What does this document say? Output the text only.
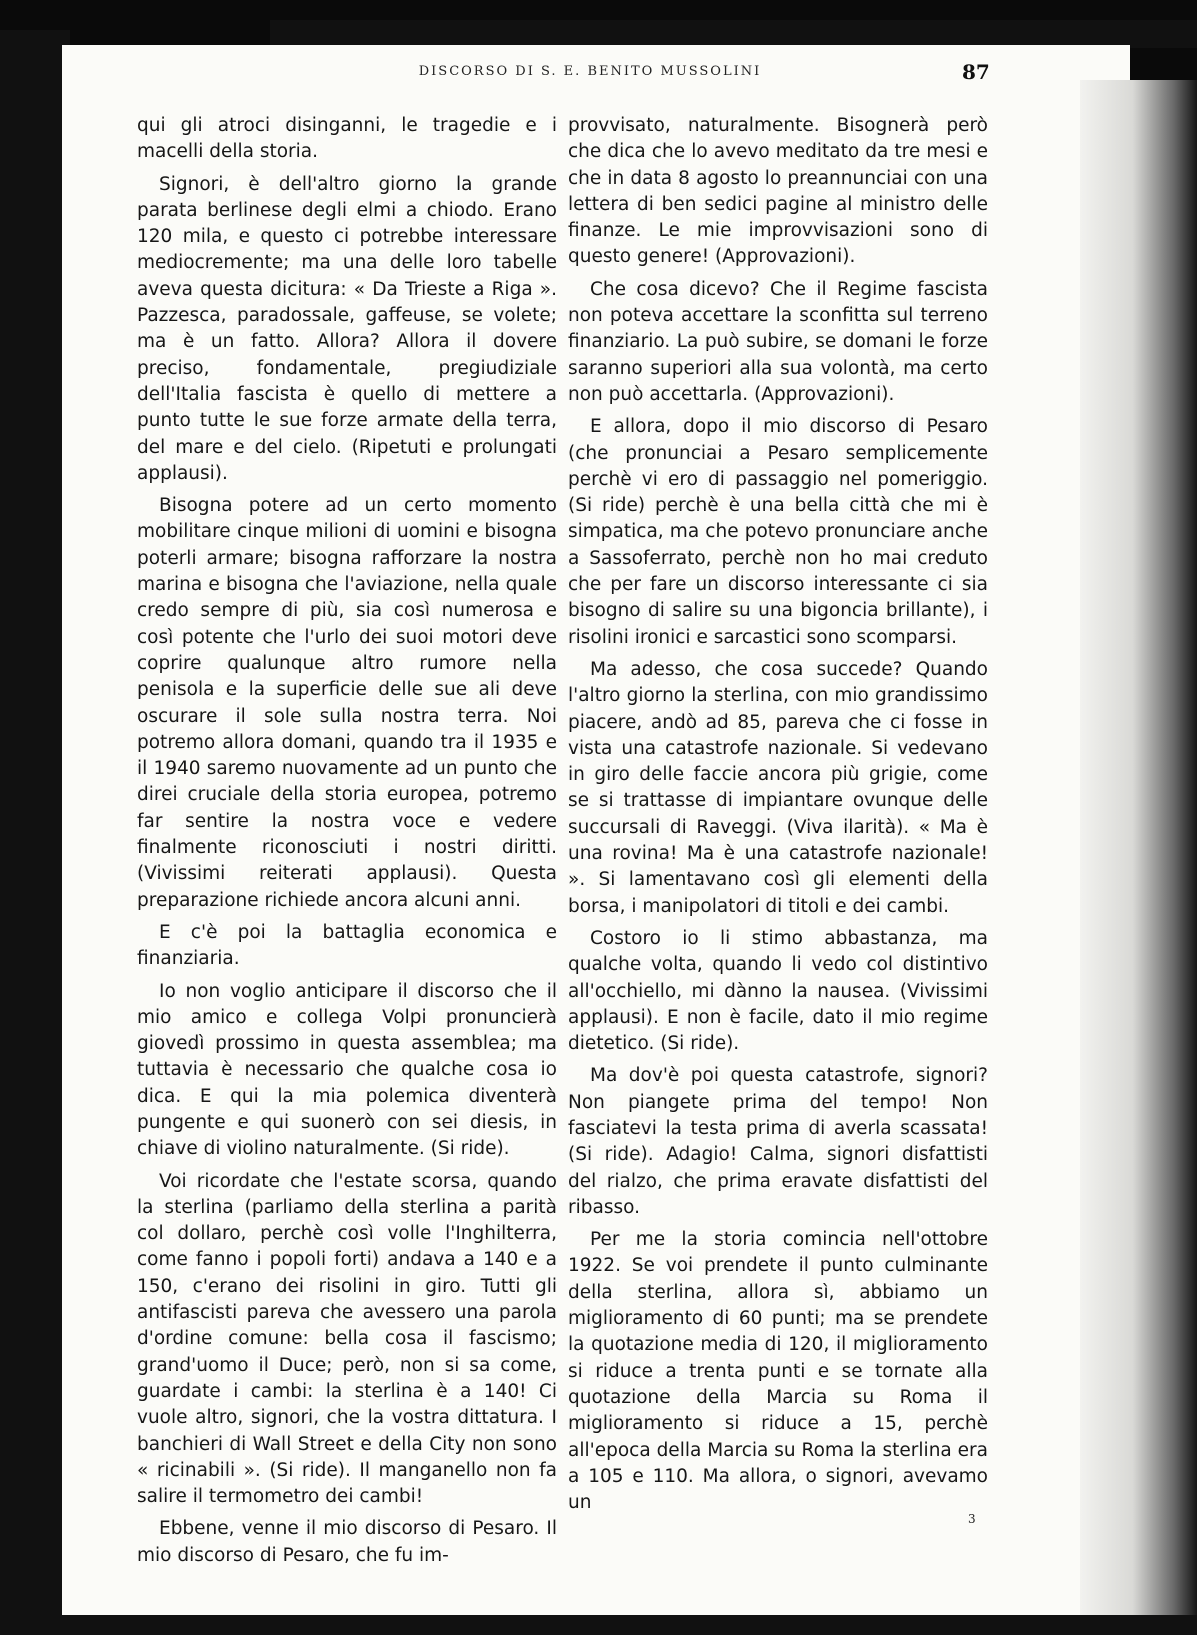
DISCORSO DI S. E. BENITO MUSSOLINI	87

qui gli atroci disinganni, le tragedie e i macelli della storia.

Signori, è dell'altro giorno la grande parata berlinese degli elmi a chiodo. Erano 120 mila, e questo ci potrebbe interessare mediocremente; ma una delle loro tabelle aveva questa dicitura: « Da Trieste a Riga ». Pazzesca, paradossale, gaffeuse, se volete; ma è un fatto. Allora? Allora il dovere preciso, fondamentale, pregiudiziale dell'Italia fascista è quello di mettere a punto tutte le sue forze armate della terra, del mare e del cielo. (Ripetuti e prolungati applausi).

Bisogna potere ad un certo momento mobilitare cinque milioni di uomini e bisogna poterli armare; bisogna rafforzare la nostra marina e bisogna che l'aviazione, nella quale credo sempre di più, sia così numerosa e così potente che l'urlo dei suoi motori deve coprire qualunque altro rumore nella penisola e la superficie delle sue ali deve oscurare il sole sulla nostra terra. Noi potremo allora domani, quando tra il 1935 e il 1940 saremo nuovamente ad un punto che direi cruciale della storia europea, potremo far sentire la nostra voce e vedere finalmente riconosciuti i nostri diritti. (Vivissimi reiterati applausi). Questa preparazione richiede ancora alcuni anni.

E c'è poi la battaglia economica e finanziaria.

Io non voglio anticipare il discorso che il mio amico e collega Volpi pronuncierà giovedì prossimo in questa assemblea; ma tuttavia è necessario che qualche cosa io dica. E qui la mia polemica diventerà pungente e qui suonerò con sei diesis, in chiave di violino naturalmente. (Si ride).

Voi ricordate che l'estate scorsa, quando la sterlina (parliamo della sterlina a parità col dollaro, perchè così volle l'Inghilterra, come fanno i popoli forti) andava a 140 e a 150, c'erano dei risolini in giro. Tutti gli antifascisti pareva che avessero una parola d'ordine comune: bella cosa il fascismo; grand'uomo il Duce; però, non si sa come, guardate i cambi: la sterlina è a 140! Ci vuole altro, signori, che la vostra dittatura. I banchieri di Wall Street e della City non sono « ricinabili ». (Si ride). Il manganello non fa salire il termometro dei cambi!

Ebbene, venne il mio discorso di Pesaro. Il mio discorso di Pesaro, che fu im-

provvisato, naturalmente. Bisognerà però che dica che lo avevo meditato da tre mesi e che in data 8 agosto lo preannunciai con una lettera di ben sedici pagine al ministro delle finanze. Le mie improvvisazioni sono di questo genere! (Approvazioni).

Che cosa dicevo? Che il Regime fascista non poteva accettare la sconfitta sul terreno finanziario. La può subire, se domani le forze saranno superiori alla sua volontà, ma certo non può accettarla. (Approvazioni).

E allora, dopo il mio discorso di Pesaro (che pronunciai a Pesaro semplicemente perchè vi ero di passaggio nel pomeriggio. (Si ride) perchè è una bella città che mi è simpatica, ma che potevo pronunciare anche a Sassoferrato, perchè non ho mai creduto che per fare un discorso interessante ci sia bisogno di salire su una bigoncia brillante), i risolini ironici e sarcastici sono scomparsi.

Ma adesso, che cosa succede? Quando l'altro giorno la sterlina, con mio grandissimo piacere, andò ad 85, pareva che ci fosse in vista una catastrofe nazionale. Si vedevano in giro delle faccie ancora più grigie, come se si trattasse di impiantare ovunque delle succursali di Raveggi. (Viva ilarità). « Ma è una rovina! Ma è una catastrofe nazionale! ». Si lamentavano così gli elementi della borsa, i manipolatori di titoli e dei cambi.

Costoro io li stimo abbastanza, ma qualche volta, quando li vedo col distintivo all'occhiello, mi dànno la nausea. (Vivissimi applausi). E non è facile, dato il mio regime dietetico. (Si ride).

Ma dov'è poi questa catastrofe, signori? Non piangete prima del tempo! Non fasciatevi la testa prima di averla scassata! (Si ride). Adagio! Calma, signori disfattisti del rialzo, che prima eravate disfattisti del ribasso.

Per me la storia comincia nell'ottobre 1922. Se voi prendete il punto culminante della sterlina, allora sì, abbiamo un miglioramento di 60 punti; ma se prendete la quotazione media di 120, il miglioramento si riduce a trenta punti e se tornate alla quotazione della Marcia su Roma il miglioramento si riduce a 15, perchè all'epoca della Marcia su Roma la sterlina era a 105 e 110. Ma allora, o signori, avevamo un

3
